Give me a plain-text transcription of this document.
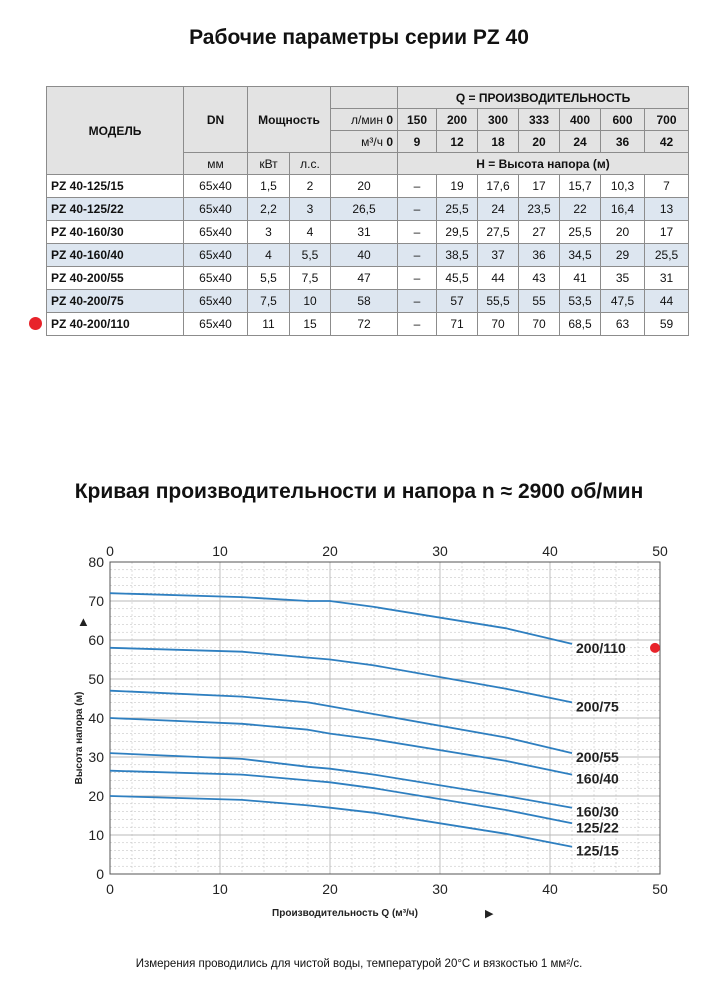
Рабочие параметры серии PZ 40
МОДЕЛЬ	DN	Мощность			Q = ПРОИЗВОДИТЕЛЬНОСТЬ						
				л/мин 0	150	200	300	333	400	600	700
				м³/ч 0	9	12	18	20	24	36	42
	мм	кВт	л.с.		H = Высота напора (м)						
PZ 40-125/15	65x40	1,5	2	20	–	19	17,6	17	15,7	10,3	7
PZ 40-125/22	65x40	2,2	3	26,5	–	25,5	24	23,5	22	16,4	13
PZ 40-160/30	65x40	3	4	31	–	29,5	27,5	27	25,5	20	17
PZ 40-160/40	65x40	4	5,5	40	–	38,5	37	36	34,5	29	25,5
PZ 40-200/55	65x40	5,5	7,5	47	–	45,5	44	43	41	35	31
PZ 40-200/75	65x40	7,5	10	58	–	57	55,5	55	53,5	47,5	44
PZ 40-200/110	65x40	11	15	72	–	71	70	70	68,5	63	59
Кривая производительности и напора n ≈ 2900 об/мин
0
0
10
10
20
20
30
30
40
40
50
50
0
10
20
30
40
50
60
70
80
Производительность Q (м³/ч)	▶
Высота напора (м)
▶
200/110
200/75
200/55
160/40
160/30
125/22
125/15
Измерения проводились для чистой воды, температурой 20°С и вязкостью 1 мм²/с.
